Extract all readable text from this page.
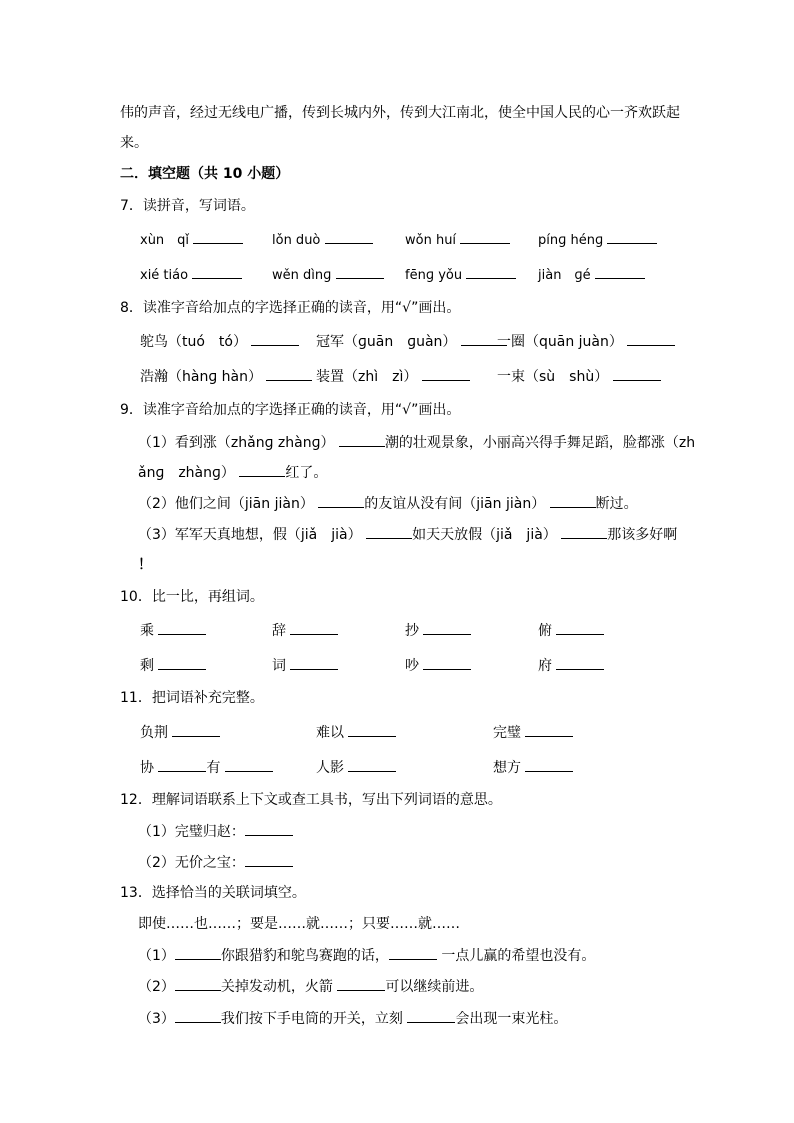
伟的声音，经过无线电广播，传到长城内外，传到大江南北，使全中国人民的心一齐欢跃起
来。
二．填空题（共 10 小题）
7．读拼音，写词语。
xùn　qǐ	lǒn duò	wǒn huí	pínɡ hénɡ
xié tiáo	wěn dìnɡ	fēnɡ yǒu	jiàn　ɡé
8．读准字音给加点的字选择正确的读音，用“√”画出。
鸵鸟（tuó　tó）	冠军（ɡuān　ɡuàn）	一圈（quān juàn）
浩瀚（hànɡ hàn）	装置（zhì　zì）	一束（sù　shù）
9．读准字音给加点的字选择正确的读音，用“√”画出。
（1）看到涨（zhǎnɡ zhànɡ）	潮的壮观景象，小丽高兴得手舞足蹈，脸都涨（zh
ǎnɡ　zhànɡ）	红了。
（2）他们之间（jiān jiàn）	的友谊从没有间（jiān jiàn）	断过。
（3）军军天真地想，假（jiǎ　jià）	如天天放假（jiǎ　jià）	那该多好啊
！
10．比一比，再组词。
乘	辞	抄	俯
剩	词	吵	府
11．把词语补充完整。
负荆	难以	完璧
协	有	人影	想方
12．理解词语联系上下文或查工具书，写出下列词语的意思。
（1）完璧归赵：
（2）无价之宝：
13．选择恰当的关联词填空。
即使……也……；要是……就……；只要……就……
（1）	你跟猎豹和鸵鸟赛跑的话，	一点儿赢的希望也没有。
（2）	关掉发动机，火箭	可以继续前进。
（3）	我们按下手电筒的开关，立刻	会出现一束光柱。
